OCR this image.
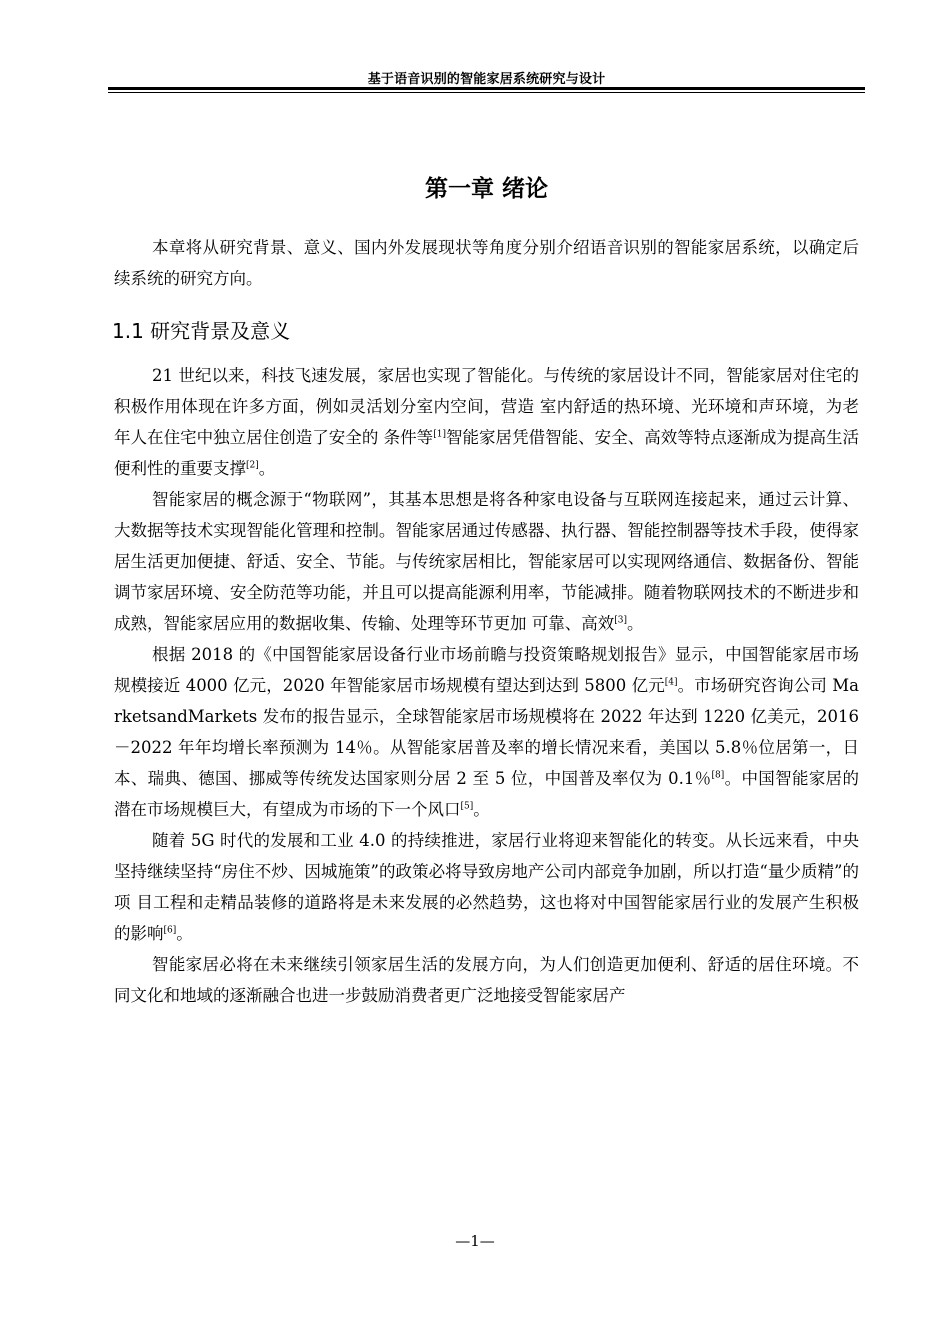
基于语音识别的智能家居系统研究与设计
第一章 绪论

本章将从研究背景、意义、国内外发展现状等角度分别介绍语音识别的智能家居系统，以确定后续系统的研究方向。

1.1 研究背景及意义

21 世纪以来，科技飞速发展，家居也实现了智能化。与传统的家居设计不同，智能家居对住宅的积极作用体现在许多方面，例如灵活划分室内空间，营造 室内舒适的热环境、光环境和声环境，为老年人在住宅中独立居住创造了安全的 条件等[1]智能家居凭借智能、安全、高效等特点逐渐成为提高生活便利性的重要支撑[2]。

智能家居的概念源于“物联网”，其基本思想是将各种家电设备与互联网连接起来，通过云计算、大数据等技术实现智能化管理和控制。智能家居通过传感器、执行器、智能控制器等技术手段，使得家居生活更加便捷、舒适、安全、节能。与传统家居相比，智能家居可以实现网络通信、数据备份、智能调节家居环境、安全防范等功能，并且可以提高能源利用率，节能减排。随着物联网技术的不断进步和成熟，智能家居应用的数据收集、传输、处理等环节更加 可靠、高效[3]。

根据 2018 的《中国智能家居设备行业市场前瞻与投资策略规划报告》显示，中国智能家居市场规模接近 4000 亿元，2020 年智能家居市场规模有望达到达到 5800 亿元[4]。市场研究咨询公司 MarketsandMarkets 发布的报告显示，全球智能家居市场规模将在 2022 年达到 1220 亿美元，2016－2022 年年均增长率预测为 14％。从智能家居普及率的增长情况来看，美国以 5.8％位居第一，日本、瑞典、德国、挪威等传统发达国家则分居 2 至 5 位，中国普及率仅为 0.1％[8]。中国智能家居的潜在市场规模巨大，有望成为市场的下一个风口[5]。

随着 5G 时代的发展和工业 4.0 的持续推进，家居行业将迎来智能化的转变。从长远来看，中央坚持继续坚持“房住不炒、因城施策”的政策必将导致房地产公司内部竞争加剧，所以打造“量少质精”的项 目工程和走精品装修的道路将是未来发展的必然趋势，这也将对中国智能家居行业的发展产生积极的影响[6]。

智能家居必将在未来继续引领家居生活的发展方向，为人们创造更加便利、舒适的居住环境。不同文化和地域的逐渐融合也进一步鼓励消费者更广泛地接受智能家居产

—1—
